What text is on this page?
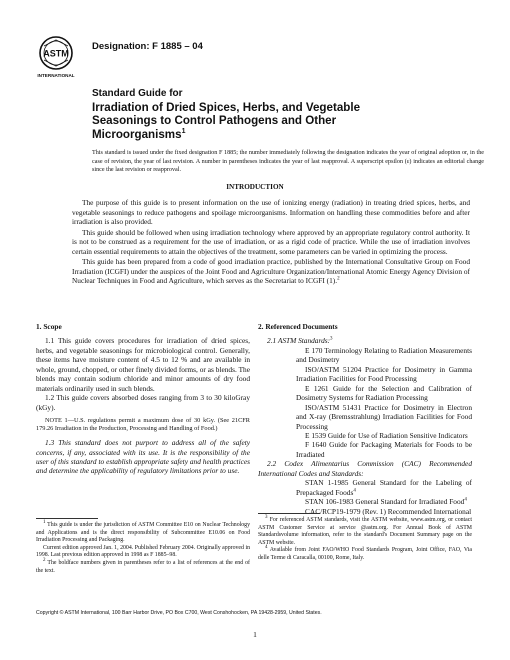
ASTM
INTERNATIONAL
Designation: F 1885 – 04
Standard Guide for
Irradiation of Dried Spices, Herbs, and Vegetable
Seasonings to Control Pathogens and Other
Microorganisms$^1$
This standard is issued under the fixed designation F 1885; the number immediately following the designation indicates the year of original adoption or, in the case of revision, the year of last revision. A number in parentheses indicates the year of last reapproval. A superscript epsilon (ε) indicates an editorial change since the last revision or reapproval.
INTRODUCTION

The purpose of this guide is to present information on the use of ionizing energy (radiation) in treating dried spices, herbs, and vegetable seasonings to reduce pathogens and spoilage microorganisms. Information on handling these commodities before and after irradiation is also provided.

This guide should be followed when using irradiation technology where approved by an appropriate regulatory control authority. It is not to be construed as a requirement for the use of irradiation, or as a rigid code of practice. While the use of irradiation involves certain essential requirements to attain the objectives of the treatment, some parameters can be varied in optimizing the process.

This guide has been prepared from a code of good irradiation practice, published by the International Consultative Group on Food Irradiation (ICGFI) under the auspices of the Joint Food and Agriculture Organization/International Atomic Energy Agency Division of Nuclear Techniques in Food and Agriculture, which serves as the Secretariat to ICGFI (1).$^2$

1. Scope

1.1 This guide covers procedures for irradiation of dried spices, herbs, and vegetable seasonings for microbiological control. Generally, these items have moisture content of 4.5 to 12 % and are available in whole, ground, chopped, or other finely divided forms, or as blends. The blends may contain sodium chloride and minor amounts of dry food materials ordinarily used in such blends.

1.2 This guide covers absorbed doses ranging from 3 to 30 kiloGray (kGy).

NOTE 1—U.S. regulations permit a maximum dose of 30 kGy. (See 21CFR 179.26 Irradiation in the Production, Processing and Handling of Food.)

1.3 This standard does not purport to address all of the safety concerns, if any, associated with its use. It is the responsibility of the user of this standard to establish appropriate safety and health practices and determine the applicability of regulatory limitations prior to use.

2. Referenced Documents

2.1 ASTM Standards:$^3$

E 170 Terminology Relating to Radiation Measurements and Dosimetry

ISO/ASTM 51204 Practice for Dosimetry in Gamma Irradiation Facilities for Food Processing

E 1261 Guide for the Selection and Calibration of Dosimetry Systems for Radiation Processing

ISO/ASTM 51431 Practice for Dosimetry in Electron and X-ray (Bremsstrahlung) Irradiation Facilities for Food Processing

E 1539 Guide for Use of Radiation Sensitive Indicators

F 1640 Guide for Packaging Materials for Foods to be Irradiated

2.2 Codex Alimentarius Commission (CAC) Recommended International Codes and Standards:

STAN 1-1985 General Standard for the Labeling of Prepackaged Foods$^4$

STAN 106-1983 General Standard for Irradiated Food$^4$

CAC/RCP19-1979 (Rev. 1) Recommended International

$^1$ This guide is under the jurisdiction of ASTM Committee E10 on Nuclear Technology and Applications and is the direct responsibility of Subcommittee E10.06 on Food Irradiation Processing and Packaging.

Current edition approved Jan. 1, 2004. Published February 2004. Originally approved in 1998. Last previous edition approved in 1998 as F 1885–98.

$^2$ The boldface numbers given in parentheses refer to a list of references at the end of the text.

$^3$ For referenced ASTM standards, visit the ASTM website, www.astm.org, or contact ASTM Customer Service at service @astm.org. For Annual Book of ASTM Standardsvolume information, refer to the standard's Document Summary page on the ASTM website.

$^4$ Available from Joint FAO/WHO Food Standards Program, Joint Office, FAO, Via delle Terme di Caracalla, 00100, Rome, Italy.

Copyright © ASTM International, 100 Barr Harbor Drive, PO Box C700, West Conshohocken, PA 19428-2959, United States.
1
